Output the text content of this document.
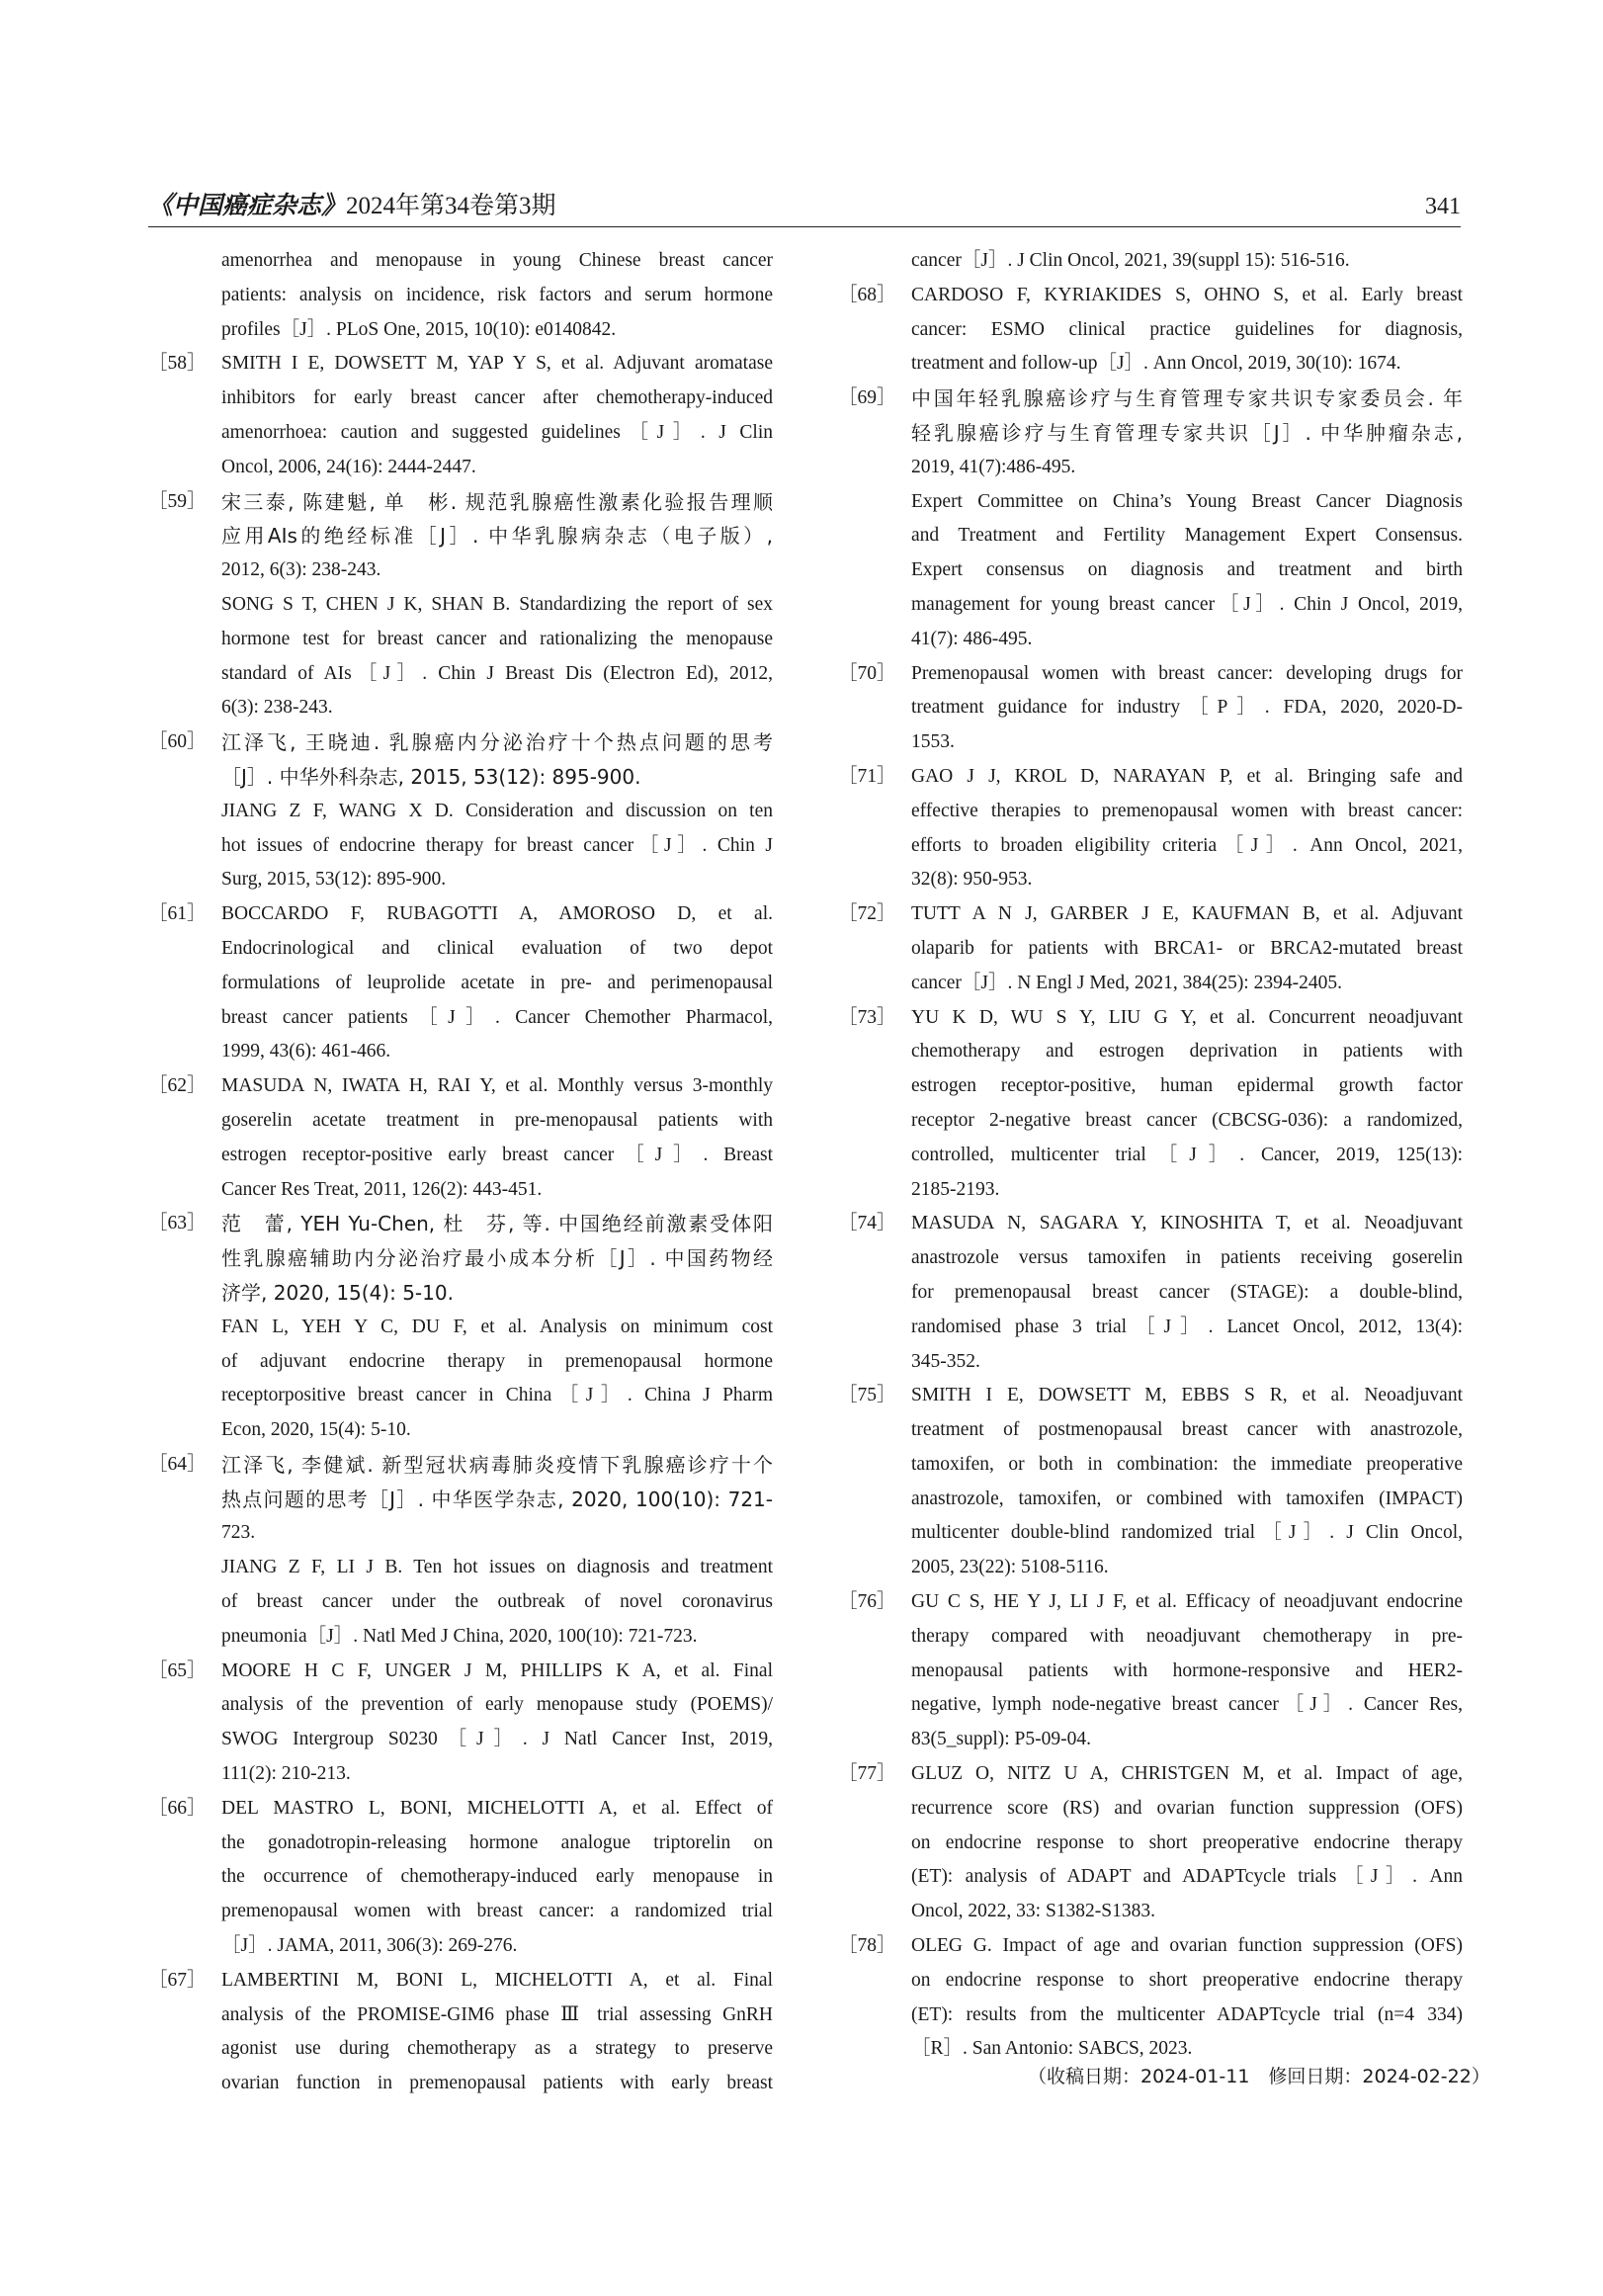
《中国癌症杂志》2024年第34卷第3期	341
amenorrhea and menopause in young Chinese breast cancer
patients: analysis on incidence, risk factors and serum hormone
profiles［J］. PLoS One, 2015, 10(10): e0140842.
［58］ SMITH I E, DOWSETT M, YAP Y S, et al. Adjuvant aromatase
inhibitors for early breast cancer after chemotherapy-induced
amenorrhoea: caution and suggested guidelines［J］. J Clin
Oncol, 2006, 24(16): 2444-2447.
［59］ 宋三泰, 陈建魁, 单　彬. 规范乳腺癌性激素化验报告理顺
应用AIs的绝经标准［J］. 中华乳腺病杂志（电子版）,
2012, 6(3): 238-243.
SONG S T, CHEN J K, SHAN B. Standardizing the report of sex
hormone test for breast cancer and rationalizing the menopause
standard of AIs［J］. Chin J Breast Dis (Electron Ed), 2012,
6(3): 238-243.
［60］ 江泽飞, 王晓迪. 乳腺癌内分泌治疗十个热点问题的思考
［J］. 中华外科杂志, 2015, 53(12): 895-900.
JIANG Z F, WANG X D. Consideration and discussion on ten
hot issues of endocrine therapy for breast cancer［J］. Chin J
Surg, 2015, 53(12): 895-900.
［61］ BOCCARDO F, RUBAGOTTI A, AMOROSO D, et al.
Endocrinological and clinical evaluation of two depot
formulations of leuprolide acetate in pre- and perimenopausal
breast cancer patients［J］. Cancer Chemother Pharmacol,
1999, 43(6): 461-466.
［62］ MASUDA N, IWATA H, RAI Y, et al. Monthly versus 3-monthly
goserelin acetate treatment in pre-menopausal patients with
estrogen receptor-positive early breast cancer［J］. Breast
Cancer Res Treat, 2011, 126(2): 443-451.
［63］ 范　蕾, YEH Yu-Chen, 杜　芬, 等. 中国绝经前激素受体阳
性乳腺癌辅助内分泌治疗最小成本分析［J］. 中国药物经
济学, 2020, 15(4): 5-10.
FAN L, YEH Y C, DU F, et al. Analysis on minimum cost
of adjuvant endocrine therapy in premenopausal hormone
receptorpositive breast cancer in China［J］. China J Pharm
Econ, 2020, 15(4): 5-10.
［64］ 江泽飞, 李健斌. 新型冠状病毒肺炎疫情下乳腺癌诊疗十个
热点问题的思考［J］. 中华医学杂志, 2020, 100(10): 721-
723.
JIANG Z F, LI J B. Ten hot issues on diagnosis and treatment
of breast cancer under the outbreak of novel coronavirus
pneumonia［J］. Natl Med J China, 2020, 100(10): 721-723.
［65］ MOORE H C F, UNGER J M, PHILLIPS K A, et al. Final
analysis of the prevention of early menopause study (POEMS)/
SWOG Intergroup S0230［J］. J Natl Cancer Inst, 2019,
111(2): 210-213.
［66］ DEL MASTRO L, BONI, MICHELOTTI A, et al. Effect of
the gonadotropin-releasing hormone analogue triptorelin on
the occurrence of chemotherapy-induced early menopause in
premenopausal women with breast cancer: a randomized trial
［J］. JAMA, 2011, 306(3): 269-276.
［67］ LAMBERTINI M, BONI L, MICHELOTTI A, et al. Final
analysis of the PROMISE-GIM6 phase Ⅲ trial assessing GnRH
agonist use during chemotherapy as a strategy to preserve
ovarian function in premenopausal patients with early breast
cancer［J］. J Clin Oncol, 2021, 39(suppl 15): 516-516.
［68］ CARDOSO F, KYRIAKIDES S, OHNO S, et al. Early breast
cancer: ESMO clinical practice guidelines for diagnosis,
treatment and follow-up［J］. Ann Oncol, 2019, 30(10): 1674.
［69］ 中国年轻乳腺癌诊疗与生育管理专家共识专家委员会. 年
轻乳腺癌诊疗与生育管理专家共识［J］. 中华肿瘤杂志,
2019, 41(7):486-495.
Expert Committee on China’s Young Breast Cancer Diagnosis
and Treatment and Fertility Management Expert Consensus.
Expert consensus on diagnosis and treatment and birth
management for young breast cancer［J］. Chin J Oncol, 2019,
41(7): 486-495.
［70］ Premenopausal women with breast cancer: developing drugs for
treatment guidance for industry［P］. FDA, 2020, 2020-D-
1553.
［71］ GAO J J, KROL D, NARAYAN P, et al. Bringing safe and
effective therapies to premenopausal women with breast cancer:
efforts to broaden eligibility criteria［J］. Ann Oncol, 2021,
32(8): 950-953.
［72］ TUTT A N J, GARBER J E, KAUFMAN B, et al. Adjuvant
olaparib for patients with BRCA1- or BRCA2-mutated breast
cancer［J］. N Engl J Med, 2021, 384(25): 2394-2405.
［73］ YU K D, WU S Y, LIU G Y, et al. Concurrent neoadjuvant
chemotherapy and estrogen deprivation in patients with
estrogen receptor-positive, human epidermal growth factor
receptor 2-negative breast cancer (CBCSG-036): a randomized,
controlled, multicenter trial［J］. Cancer, 2019, 125(13):
2185-2193.
［74］ MASUDA N, SAGARA Y, KINOSHITA T, et al. Neoadjuvant
anastrozole versus tamoxifen in patients receiving goserelin
for premenopausal breast cancer (STAGE): a double-blind,
randomised phase 3 trial［J］. Lancet Oncol, 2012, 13(4):
345-352.
［75］ SMITH I E, DOWSETT M, EBBS S R, et al. Neoadjuvant
treatment of postmenopausal breast cancer with anastrozole,
tamoxifen, or both in combination: the immediate preoperative
anastrozole, tamoxifen, or combined with tamoxifen (IMPACT)
multicenter double-blind randomized trial［J］. J Clin Oncol,
2005, 23(22): 5108-5116.
［76］ GU C S, HE Y J, LI J F, et al. Efficacy of neoadjuvant endocrine
therapy compared with neoadjuvant chemotherapy in pre-
menopausal patients with hormone-responsive and HER2-
negative, lymph node-negative breast cancer［J］. Cancer Res,
83(5_suppl): P5-09-04.
［77］ GLUZ O, NITZ U A, CHRISTGEN M, et al. Impact of age,
recurrence score (RS) and ovarian function suppression (OFS)
on endocrine response to short preoperative endocrine therapy
(ET): analysis of ADAPT and ADAPTcycle trials［J］. Ann
Oncol, 2022, 33: S1382-S1383.
［78］ OLEG G. Impact of age and ovarian function suppression (OFS)
on endocrine response to short preoperative endocrine therapy
(ET): results from the multicenter ADAPTcycle trial (n=4 334)
［R］. San Antonio: SABCS, 2023.
（收稿日期：2024-01-11　修回日期：2024-02-22）
